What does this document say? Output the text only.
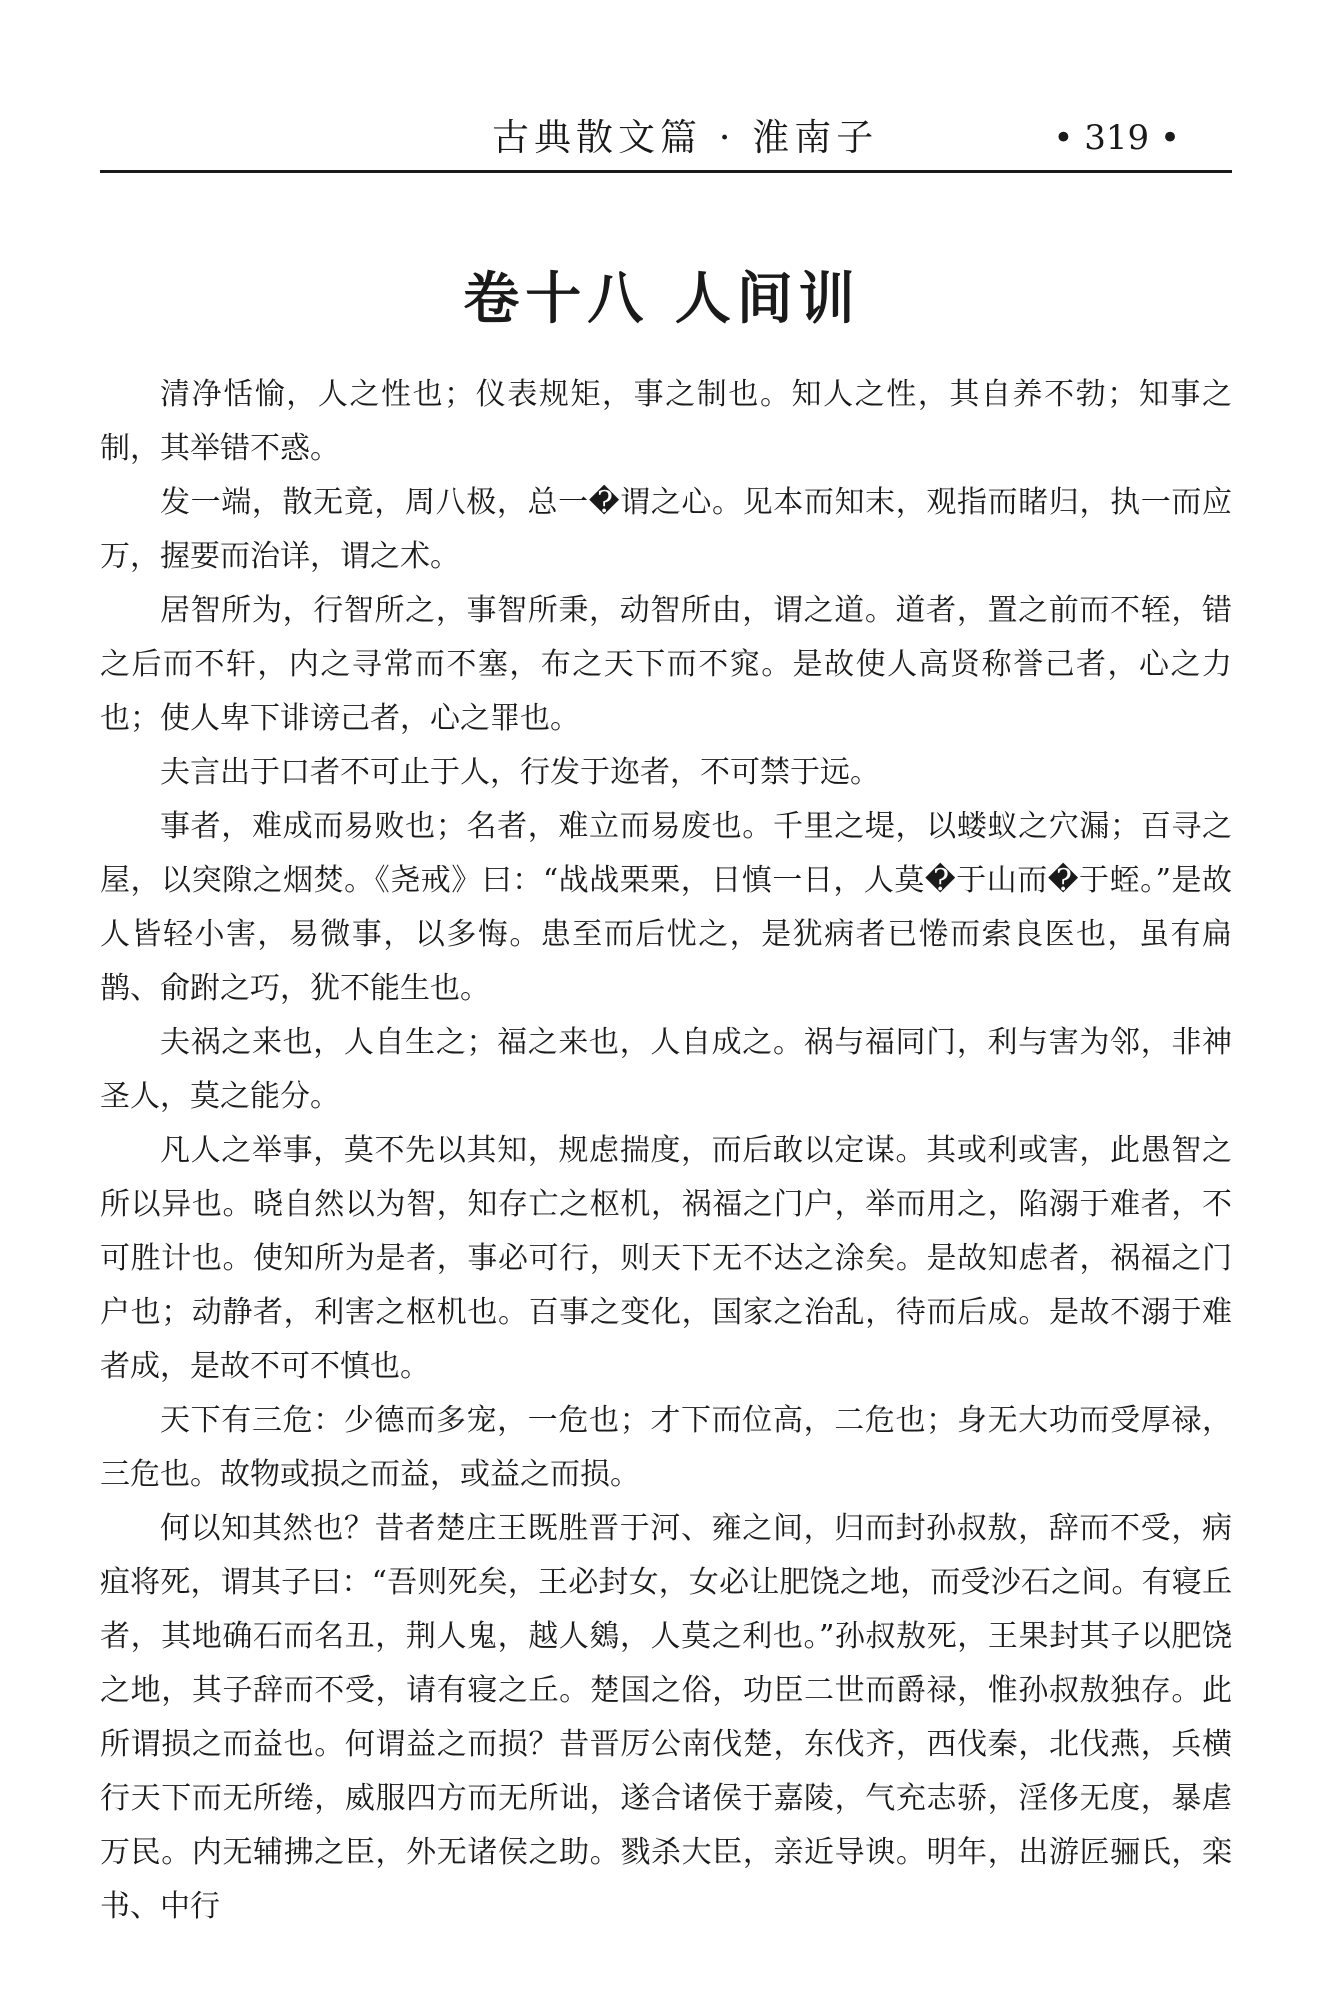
古典散文篇 · 淮南子	• 319 •
卷十八 人间训

清净恬愉，人之性也；仪表规矩，事之制也。知人之性，其自养不勃；知事之制，其举错不惑。

发一端，散无竟，周八极，总一�谓之心。见本而知末，观指而睹归，执一而应万，握要而治详，谓之术。

居智所为，行智所之，事智所秉，动智所由，谓之道。道者，置之前而不轾，错之后而不轩，内之寻常而不塞，布之天下而不窕。是故使人高贤称誉己者，心之力也；使人卑下诽谤己者，心之罪也。

夫言出于口者不可止于人，行发于迩者，不可禁于远。

事者，难成而易败也；名者，难立而易废也。千里之堤，以蝼蚁之穴漏；百寻之屋，以突隙之烟焚。《尧戒》曰：“战战栗栗，日慎一日，人莫�于山而�于蛭。”是故人皆轻小害，易微事，以多悔。患至而后忧之，是犹病者已惓而索良医也，虽有扁鹊、俞跗之巧，犹不能生也。

夫祸之来也，人自生之；福之来也，人自成之。祸与福同门，利与害为邻，非神圣人，莫之能分。

凡人之举事，莫不先以其知，规虑揣度，而后敢以定谋。其或利或害，此愚智之所以异也。晓自然以为智，知存亡之枢机，祸福之门户，举而用之，陷溺于难者，不可胜计也。使知所为是者，事必可行，则天下无不达之涂矣。是故知虑者，祸福之门户也；动静者，利害之枢机也。百事之变化，国家之治乱，待而后成。是故不溺于难者成，是故不可不慎也。

天下有三危：少德而多宠，一危也；才下而位高，二危也；身无大功而受厚禄，三危也。故物或损之而益，或益之而损。

何以知其然也？昔者楚庄王既胜晋于河、雍之间，归而封孙叔敖，辞而不受，病疽将死，谓其子曰：“吾则死矣，王必封女，女必让肥饶之地，而受沙石之间。有寝丘者，其地确石而名丑，荆人鬼，越人鵕，人莫之利也。”孙叔敖死，王果封其子以肥饶之地，其子辞而不受，请有寝之丘。楚国之俗，功臣二世而爵禄，惟孙叔敖独存。此所谓损之而益也。何谓益之而损？昔晋厉公南伐楚，东伐齐，西伐秦，北伐燕，兵横行天下而无所绻，威服四方而无所诎，遂合诸侯于嘉陵，气充志骄，淫侈无度，暴虐万民。内无辅拂之臣，外无诸侯之助。戮杀大臣，亲近导谀。明年，出游匠骊氏，栾书、中行
